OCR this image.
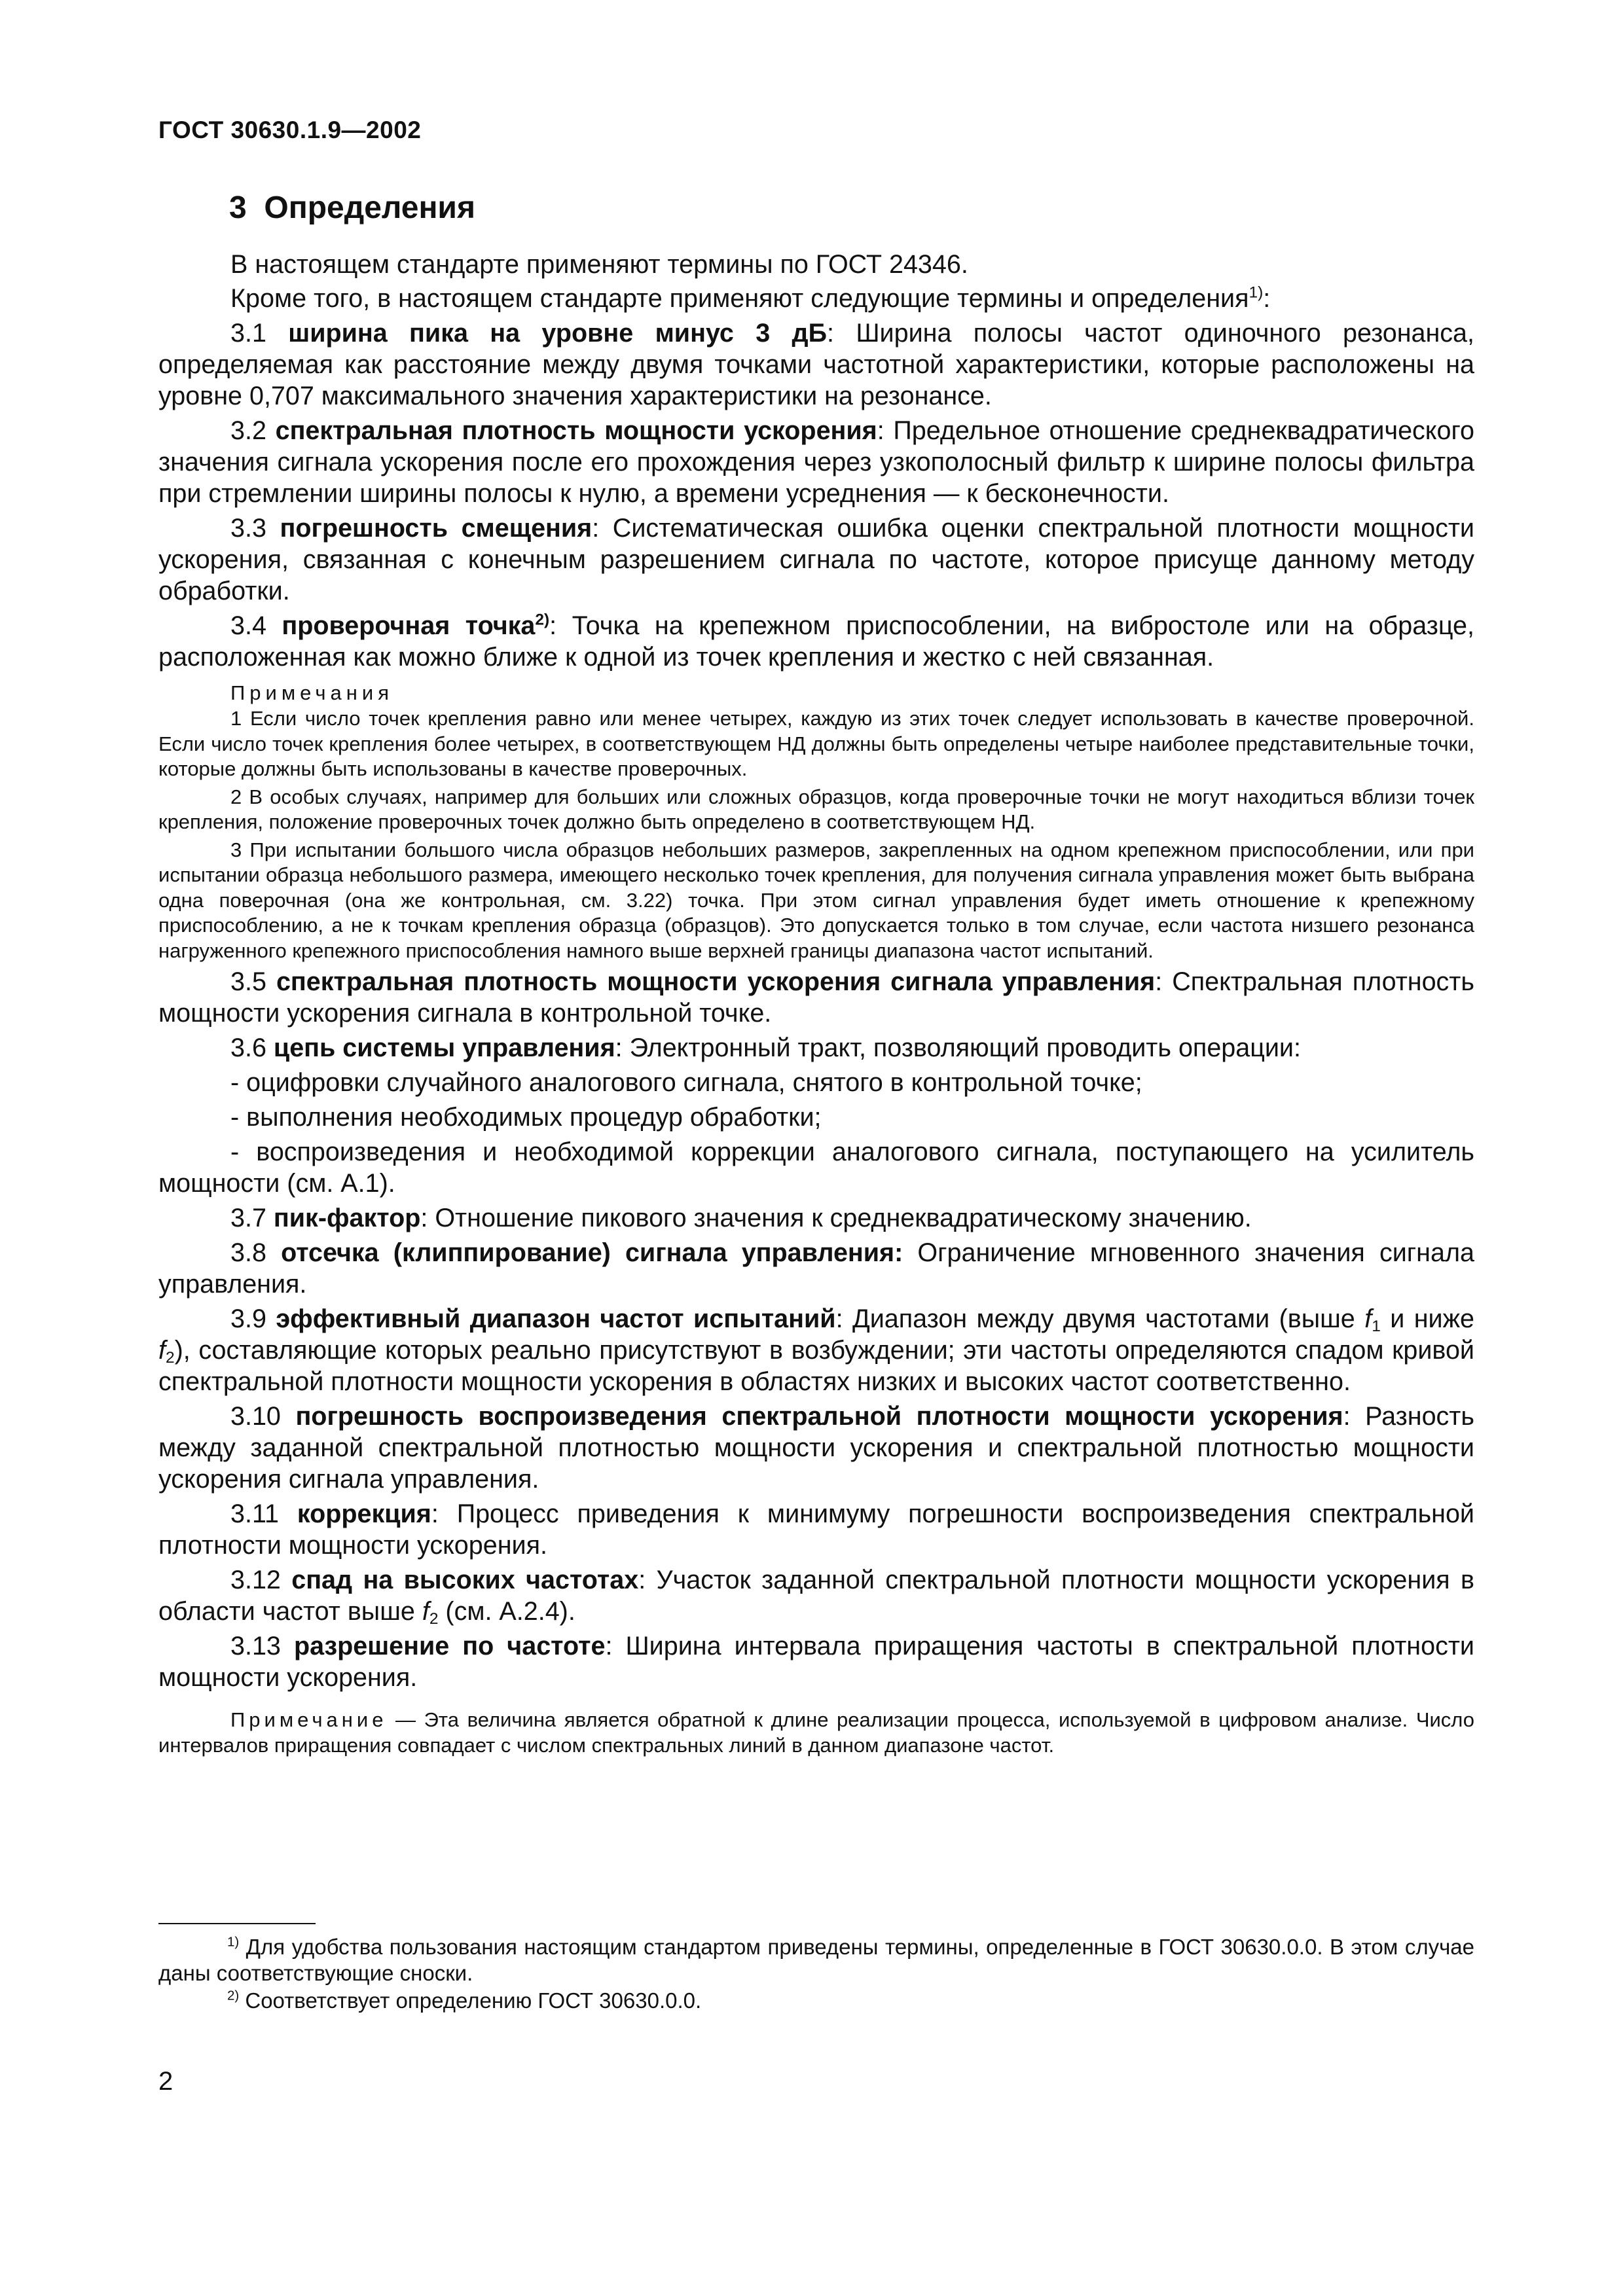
ГОСТ 30630.1.9—2002
3 Определения

В настоящем стандарте применяют термины по ГОСТ 24346.

Кроме того, в настоящем стандарте применяют следующие термины и определения$^{1)}$:

3.1 ширина пика на уровне минус 3 дБ: Ширина полосы частот одиночного резонанса, определяемая как расстояние между двумя точками частотной характеристики, которые расположены на уровне 0,707 максимального значения характеристики на резонансе.

3.2 спектральная плотность мощности ускорения: Предельное отношение среднеквадратического значения сигнала ускорения после его прохождения через узкополосный фильтр к ширине полосы фильтра при стремлении ширины полосы к нулю, а времени усреднения — к бесконечности.

3.3 погрешность смещения: Систематическая ошибка оценки спектральной плотности мощности ускорения, связанная с конечным разрешением сигнала по частоте, которое присуще данному методу обработки.

3.4 проверочная точка$^{2)}$: Точка на крепежном приспособлении, на вибростоле или на образце, расположенная как можно ближе к одной из точек крепления и жестко с ней связанная.

Примечания

1 Если число точек крепления равно или менее четырех, каждую из этих точек следует использовать в качестве проверочной. Если число точек крепления более четырех, в соответствующем НД должны быть определены четыре наиболее представительные точки, которые должны быть использованы в качестве проверочных.

2 В особых случаях, например для больших или сложных образцов, когда проверочные точки не могут находиться вблизи точек крепления, положение проверочных точек должно быть определено в соответствующем НД.

3 При испытании большого числа образцов небольших размеров, закрепленных на одном крепежном приспособлении, или при испытании образца небольшого размера, имеющего несколько точек крепления, для получения сигнала управления может быть выбрана одна поверочная (она же контрольная, см. 3.22) точка. При этом сигнал управления будет иметь отношение к крепежному приспособлению, а не к точкам крепления образца (образцов). Это допускается только в том случае, если частота низшего резонанса нагруженного крепежного приспособления намного выше верхней границы диапазона частот испытаний.

3.5 спектральная плотность мощности ускорения сигнала управления: Спектральная плотность мощности ускорения сигнала в контрольной точке.

3.6 цепь системы управления: Электронный тракт, позволяющий проводить операции:

- оцифровки случайного аналогового сигнала, снятого в контрольной точке;

- выполнения необходимых процедур обработки;

- воспроизведения и необходимой коррекции аналогового сигнала, поступающего на усилитель мощности (см. А.1).

3.7 пик-фактор: Отношение пикового значения к среднеквадратическому значению.

3.8 отсечка (клиппирование) сигнала управления: Ограничение мгновенного значения сигнала управления.

3.9 эффективный диапазон частот испытаний: Диапазон между двумя частотами (выше $f_1$ и ниже $f_2$), составляющие которых реально присутствуют в возбуждении; эти частоты определяются спадом кривой спектральной плотности мощности ускорения в областях низких и высоких частот соответственно.

3.10 погрешность воспроизведения спектральной плотности мощности ускорения: Разность между заданной спектральной плотностью мощности ускорения и спектральной плотностью мощности ускорения сигнала управления.

3.11 коррекция: Процесс приведения к минимуму погрешности воспроизведения спектральной плотности мощности ускорения.

3.12 спад на высоких частотах: Участок заданной спектральной плотности мощности ускорения в области частот выше $f_2$ (см. А.2.4).

3.13 разрешение по частоте: Ширина интервала приращения частоты в спектральной плотности мощности ускорения.

Примечание — Эта величина является обратной к длине реализации процесса, используемой в цифровом анализе. Число интервалов приращения совпадает с числом спектральных линий в данном диапазоне частот.

$^{1)}$ Для удобства пользования настоящим стандартом приведены термины, определенные в ГОСТ 30630.0.0. В этом случае даны соответствующие сноски.

$^{2)}$ Соответствует определению ГОСТ 30630.0.0.

2
